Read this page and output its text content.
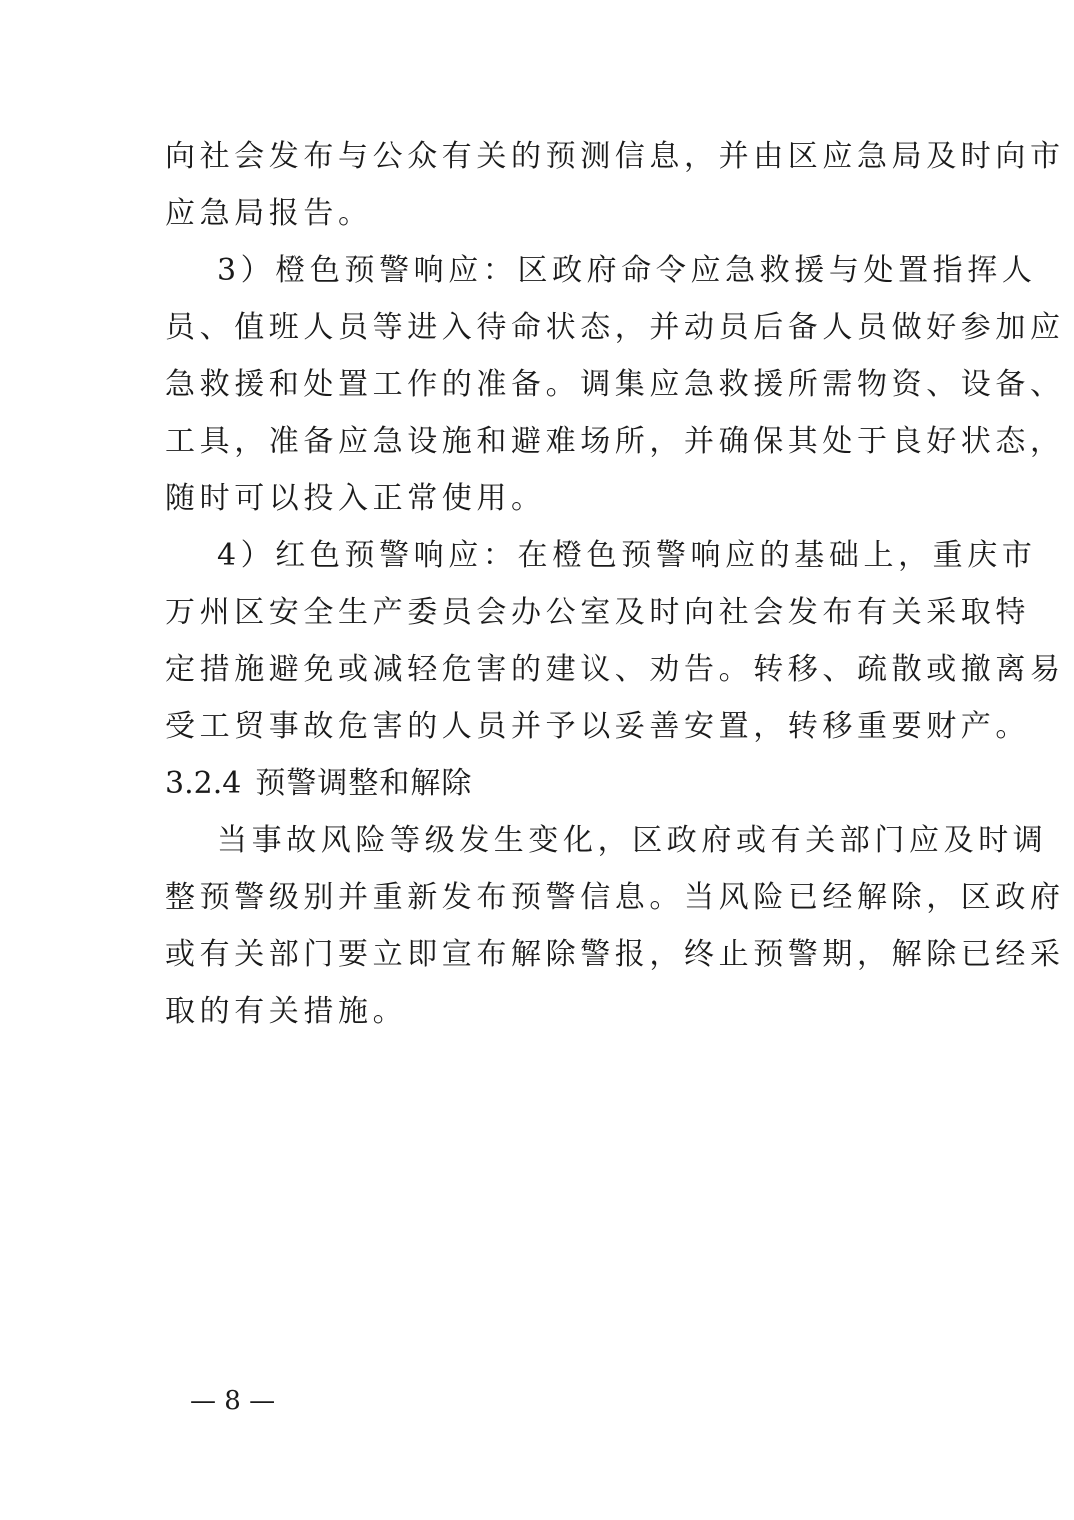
向社会发布与公众有关的预测信息，并由区应急局及时向市
应急局报告。
3）橙色预警响应：区政府命令应急救援与处置指挥人
员、值班人员等进入待命状态，并动员后备人员做好参加应
急救援和处置工作的准备。调集应急救援所需物资、设备、
工具，准备应急设施和避难场所，并确保其处于良好状态，
随时可以投入正常使用。
4）红色预警响应：在橙色预警响应的基础上，重庆市
万州区安全生产委员会办公室及时向社会发布有关采取特
定措施避免或减轻危害的建议、劝告。转移、疏散或撤离易
受工贸事故危害的人员并予以妥善安置，转移重要财产。
3.2.4 预警调整和解除
当事故风险等级发生变化，区政府或有关部门应及时调
整预警级别并重新发布预警信息。当风险已经解除，区政府
或有关部门要立即宣布解除警报，终止预警期，解除已经采
取的有关措施。
— 8 —
